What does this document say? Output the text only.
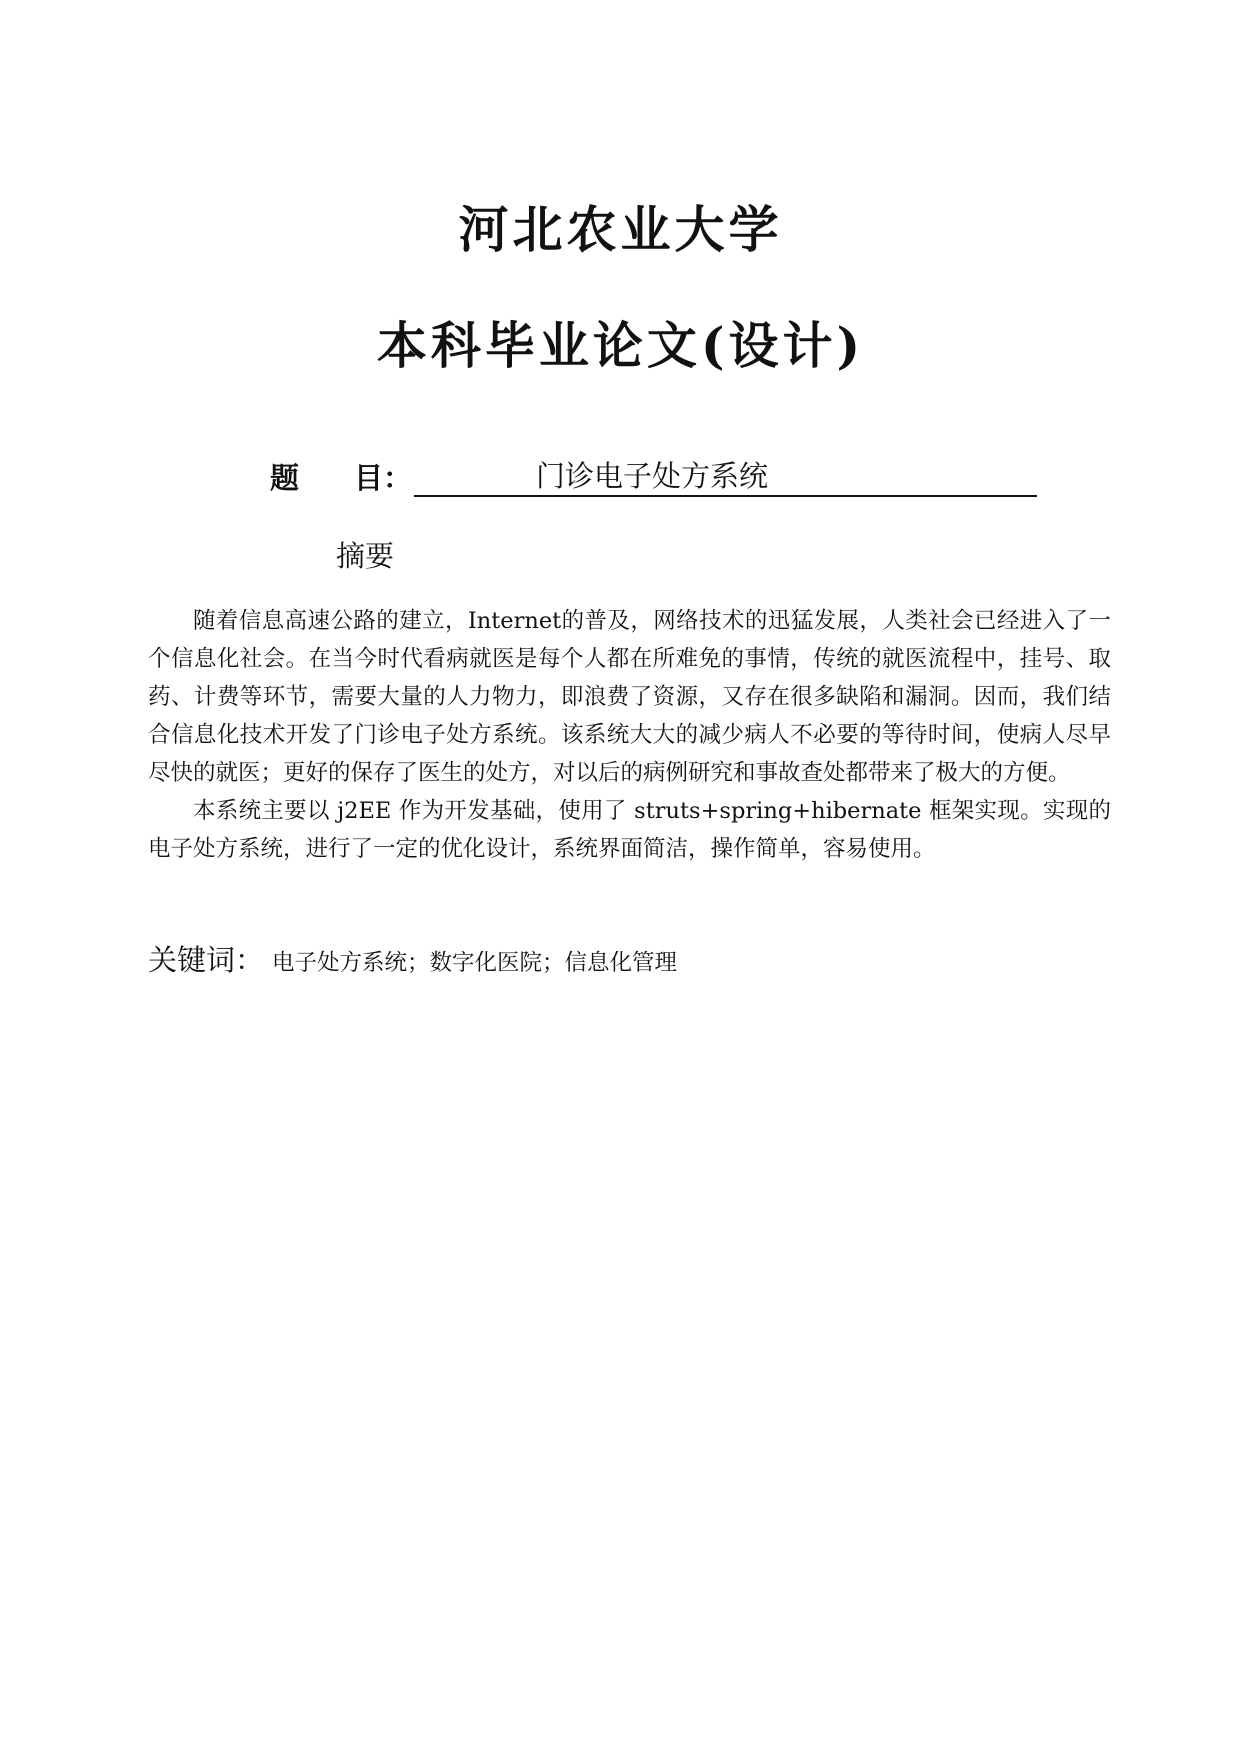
河北农业大学
本科毕业论文(设计)
题 目：	门诊电子处方系统
摘要

随着信息高速公路的建立，Internet的普及，网络技术的迅猛发展，人类社会已经进入了一个信息化社会。在当今时代看病就医是每个人都在所难免的事情，传统的就医流程中，挂号、取药、计费等环节，需要大量的人力物力，即浪费了资源，又存在很多缺陷和漏洞。因而，我们结合信息化技术开发了门诊电子处方系统。该系统大大的减少病人不必要的等待时间，使病人尽早尽快的就医；更好的保存了医生的处方，对以后的病例研究和事故查处都带来了极大的方便。

本系统主要以 j2EE 作为开发基础，使用了 struts+spring+hibernate 框架实现。实现的电子处方系统，进行了一定的优化设计，系统界面简洁，操作简单，容易使用。

关键词： 电子处方系统；数字化医院；信息化管理
